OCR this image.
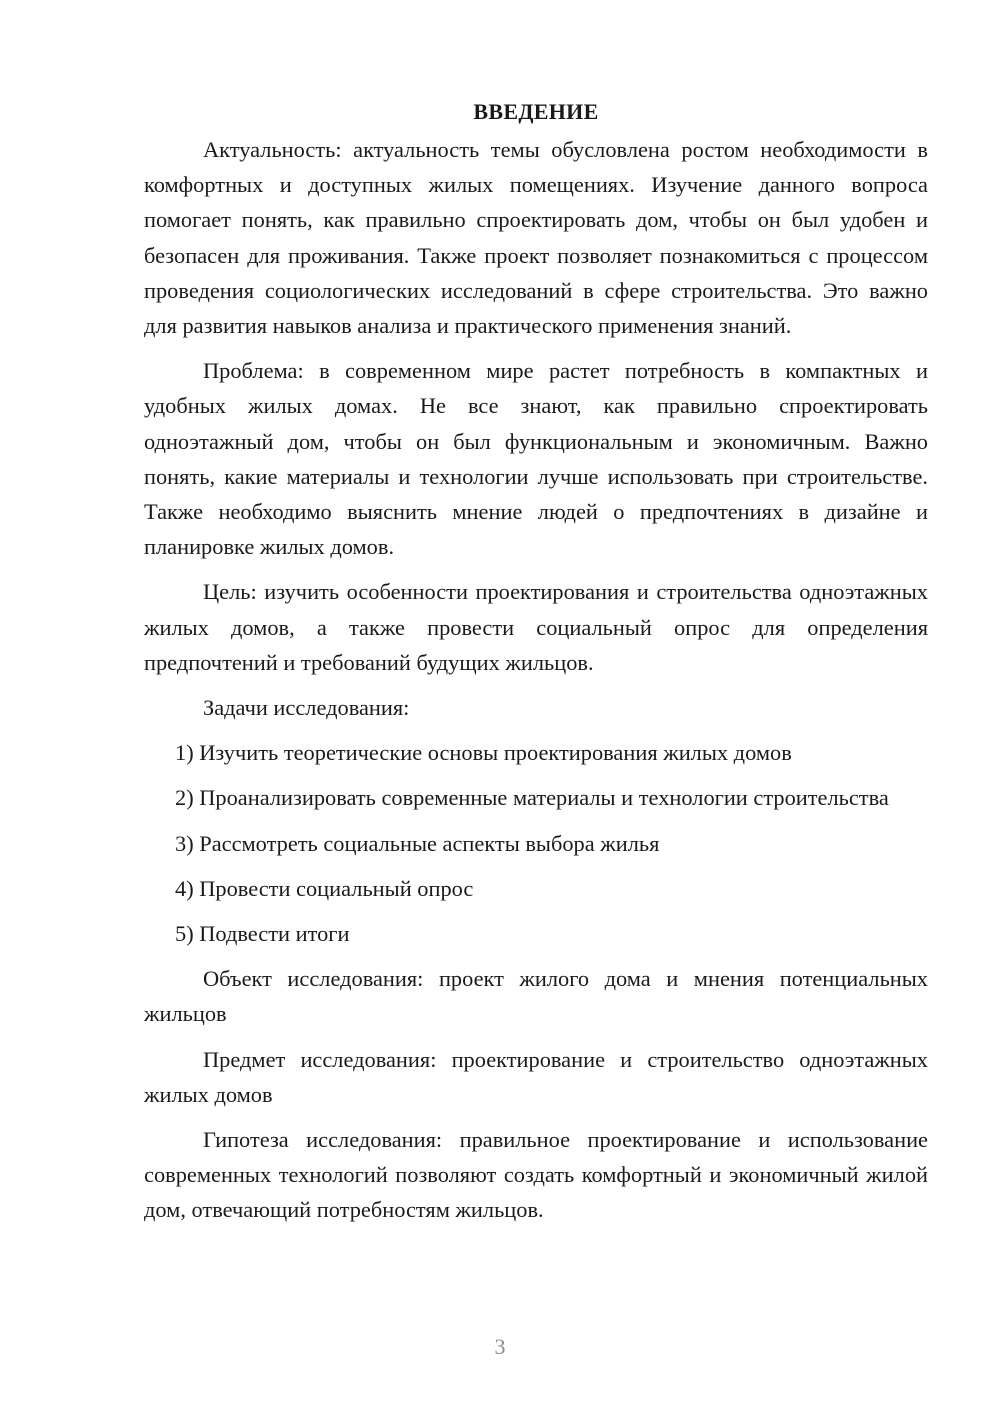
ВВЕДЕНИЕ

Актуальность: актуальность темы обусловлена ростом необходимости в комфортных и доступных жилых помещениях. Изучение данного вопроса помогает понять, как правильно спроектировать дом, чтобы он был удобен и безопасен для проживания. Также проект позволяет познакомиться с процессом проведения социологических исследований в сфере строительства. Это важно для развития навыков анализа и практического применения знаний.

Проблема: в современном мире растет потребность в компактных и удобных жилых домах. Не все знают, как правильно спроектировать одноэтажный дом, чтобы он был функциональным и экономичным. Важно понять, какие материалы и технологии лучше использовать при строительстве. Также необходимо выяснить мнение людей о предпочтениях в дизайне и планировке жилых домов.

Цель: изучить особенности проектирования и строительства одноэтажных жилых домов, а также провести социальный опрос для определения предпочтений и требований будущих жильцов.

Задачи исследования:

1) Изучить теоретические основы проектирования жилых домов

2) Проанализировать современные материалы и технологии строительства

3) Рассмотреть социальные аспекты выбора жилья

4) Провести социальный опрос

5) Подвести итоги

Объект исследования: проект жилого дома и мнения потенциальных жильцов

Предмет исследования: проектирование и строительство одноэтажных жилых домов

Гипотеза исследования: правильное проектирование и использование современных технологий позволяют создать комфортный и экономичный жилой дом, отвечающий потребностям жильцов.

3
